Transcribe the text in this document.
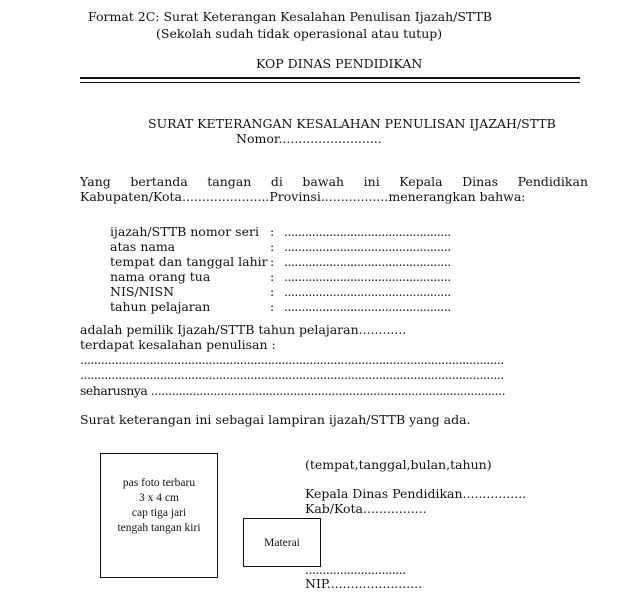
Format 2C: Surat Keterangan Kesalahan Penulisan Ijazah/STTB
(Sekolah sudah tidak operasional atau tutup)
KOP DINAS PENDIDIKAN
SURAT KETERANGAN KESALAHAN PENULISAN IJAZAH/STTB
Nomor..........................
Yang bertanda tangan di bawah ini Kepala Dinas Pendidikan
Kabupaten/Kota......................Provinsi.................menerangkan bahwa:
ijazah/STTB nomor seri : ................................................
atas nama	: ................................................
tempat dan tanggal lahir : ................................................
nama orang tua	: ................................................
NIS/NISN	: ................................................
tahun pelajaran	: ................................................
adalah pemilik Ijazah/STTB tahun pelajaran............
terdapat kesalahan penulisan :
..........................................................................................................................
..........................................................................................................................
seharusnya ......................................................................................................
Surat keterangan ini sebagai lampiran ijazah/STTB yang ada.
pas foto terbaru
3 x 4 cm
cap tiga jari
tengah tangan kiri
(tempat,tanggal,bulan,tahun)
Kepala Dinas Pendidikan................
Kab/Kota................
Materai
.............................
NIP........................
